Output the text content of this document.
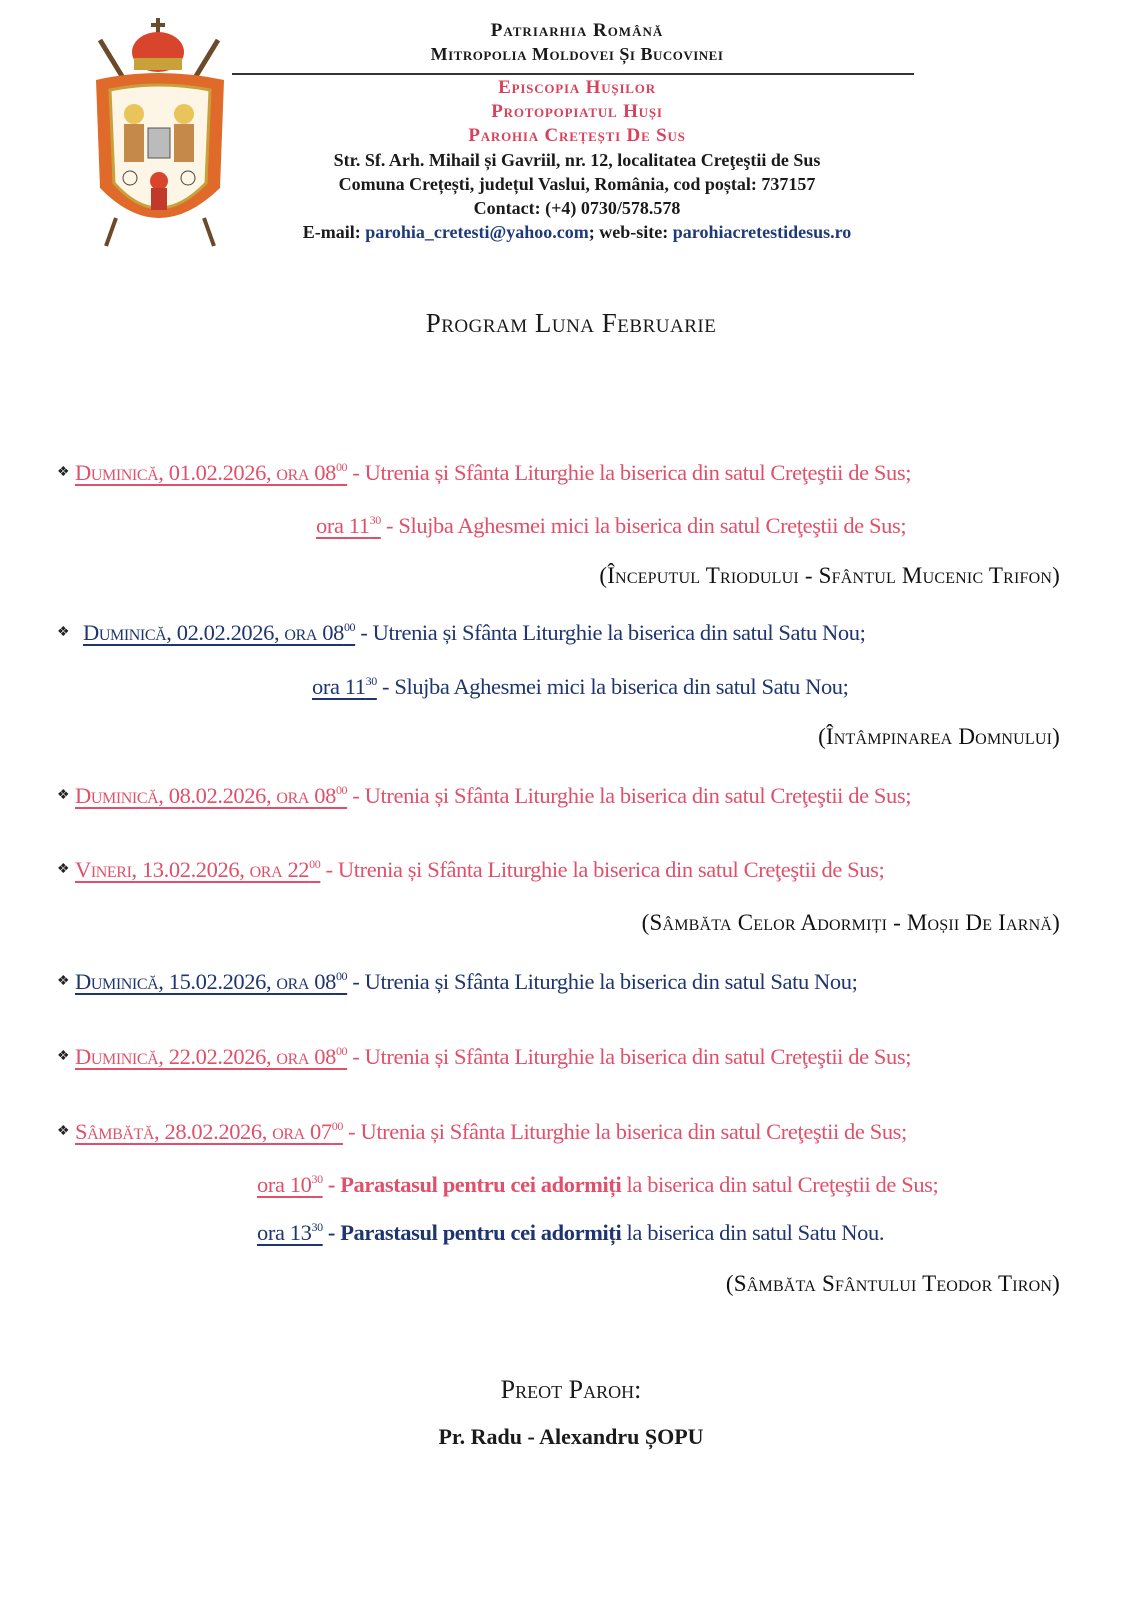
Patriarhia Română
Mitropolia Moldovei Și Bucovinei
Episcopia Hușilor
Protopopiatul Huși
Parohia Crețești De Sus
Str. Sf. Arh. Mihail și Gavriil, nr. 12, localitatea Creţeştii de Sus
Comuna Crețești, județul Vaslui, România, cod poștal: 737157
Contact: (+4) 0730/578.578
E-mail: parohia_cretesti@yahoo.com; web-site: parohiacretestidesus.ro
Program Luna Februarie
❖ Duminică, 01.02.2026, ora $08^{00}$ - Utrenia și Sfânta Liturghie la biserica din satul Creţeştii de Sus;
ora $11^{30}$ - Slujba Aghesmei mici la biserica din satul Creţeştii de Sus;
(Începutul Triodului - Sfântul Mucenic Trifon)
❖ Duminică, 02.02.2026, ora $08^{00}$ - Utrenia și Sfânta Liturghie la biserica din satul Satu Nou;
ora $11^{30}$ - Slujba Aghesmei mici la biserica din satul Satu Nou;
(Întâmpinarea Domnului)
❖ Duminică, 08.02.2026, ora $08^{00}$ - Utrenia și Sfânta Liturghie la biserica din satul Creţeştii de Sus;
❖ Vineri, 13.02.2026, ora $22^{00}$ - Utrenia și Sfânta Liturghie la biserica din satul Creţeştii de Sus;
(Sâmbăta Celor Adormiți - Moșii De Iarnă)
❖ Duminică, 15.02.2026, ora $08^{00}$ - Utrenia și Sfânta Liturghie la biserica din satul Satu Nou;
❖ Duminică, 22.02.2026, ora $08^{00}$ - Utrenia și Sfânta Liturghie la biserica din satul Creţeştii de Sus;
❖ Sâmbătă, 28.02.2026, ora $07^{00}$ - Utrenia și Sfânta Liturghie la biserica din satul Creţeştii de Sus;
ora $10^{30}$ - Parastasul pentru cei adormiți la biserica din satul Creţeştii de Sus;
ora $13^{30}$ - Parastasul pentru cei adormiți la biserica din satul Satu Nou.
(Sâmbăta Sfântului Teodor Tiron)
Preot Paroh:
Pr. Radu - Alexandru ȘOPU
